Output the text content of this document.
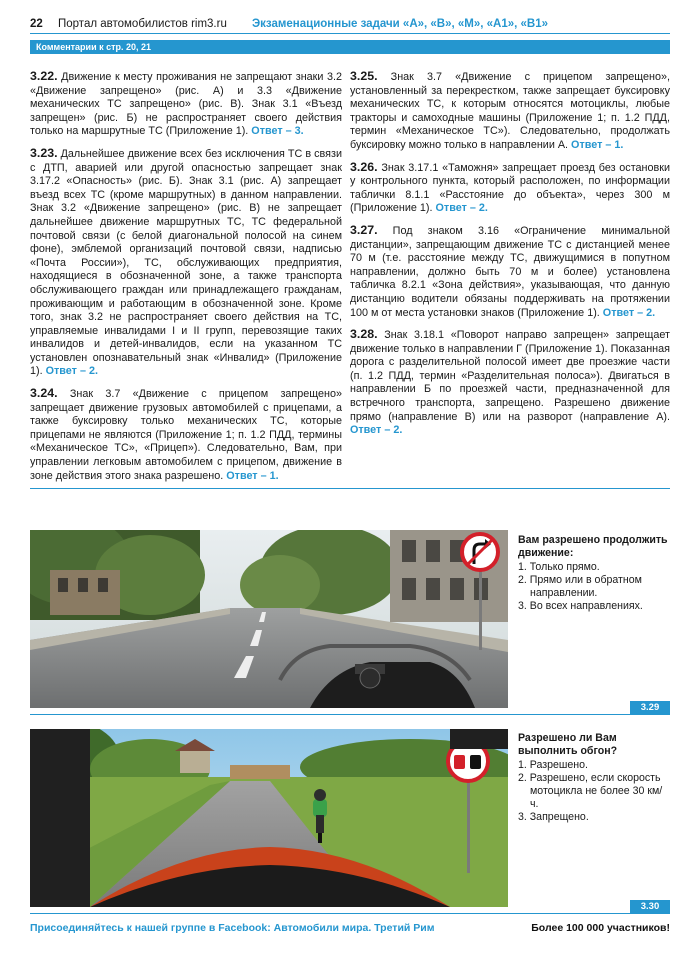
22 Портал автомобилистов rim3.ru Экзаменационные задачи «А», «В», «М», «А1», «В1»
Комментарии к стр. 20, 21

3.22. Движение к месту проживания не запрещают знаки 3.2 «Движение запрещено» (рис. А) и 3.3 «Движение механических ТС запрещено» (рис. В). Знак 3.1 «Въезд запрещен» (рис. Б) не распространяет своего действия только на маршрутные ТС (Приложение 1). Ответ – 3.

3.23. Дальнейшее движение всех без исключения ТС в связи с ДТП, аварией или другой опасностью запрещает знак 3.17.2 «Опасность» (рис. Б). Знак 3.1 (рис. А) запрещает въезд всех ТС (кроме маршрутных) в данном направлении. Знак 3.2 «Движение запрещено» (рис. В) не запрещает дальнейшее движение маршрутных ТС, ТС федеральной почтовой связи (с белой диагональной полосой на синем фоне), эмблемой организаций почтовой связи, надписью «Почта России»), ТС, обслуживающих предприятия, находящиеся в обозначенной зоне, а также транспорта обслуживающего граждан или принадлежащего гражданам, проживающим и работающим в обозначенной зоне. Кроме того, знак 3.2 не распространяет своего действия на ТС, управляемые инвалидами I и II групп, перевозящие таких инвалидов и детей-инвалидов, если на указанном ТС установлен опознавательный знак «Инвалид» (Приложение 1). Ответ – 2.

3.24. Знак 3.7 «Движение с прицепом запрещено» запрещает движение грузовых автомобилей с прицепами, а также буксировку только механических ТС, которые прицепами не являются (Приложение 1; п. 1.2 ПДД, термины «Механическое ТС», «Прицеп»). Следовательно, Вам, при управлении легковым автомобилем с прицепом, движение в зоне действия этого знака разрешено. Ответ – 1.

3.25. Знак 3.7 «Движение с прицепом запрещено», установленный за перекрестком, также запрещает буксировку механических ТС, к которым относятся мотоциклы, любые тракторы и самоходные машины (Приложение 1; п. 1.2 ПДД, термин «Механическое ТС»). Следовательно, продолжать буксировку можно только в направлении А. Ответ – 1.

3.26. Знак 3.17.1 «Таможня» запрещает проезд без остановки у контрольного пункта, который расположен, по информации таблички 8.1.1 «Расстояние до объекта», через 300 м (Приложение 1). Ответ – 2.

3.27. Под знаком 3.16 «Ограничение минимальной дистанции», запрещающим движение ТС с дистанцией менее 70 м (т.е. расстояние между ТС, движущимися в попутном направлении, должно быть 70 м и более) установлена табличка 8.2.1 «Зона действия», указывающая, что данную дистанцию водители обязаны поддерживать на протяжении 100 м от места установки знаков (Приложение 1). Ответ – 2.

3.28. Знак 3.18.1 «Поворот направо запрещен» запрещает движение только в направлении Г (Приложение 1). Показанная дорога с разделительной полосой имеет две проезжие части (п. 1.2 ПДД, термин «Разделительная полоса»). Двигаться в направлении Б по проезжей части, предназначенной для встречного транспорта, запрещено. Разрешено движение прямо (направление В) или на разворот (направление А). Ответ – 2.

Вам разрешено продолжить движение:
1. Только прямо.
2. Прямо или в обратном направлении.
3. Во всех направлениях.
3.29
Разрешено ли Вам выполнить обгон?
1. Разрешено.
2. Разрешено, если скорость мотоцикла не более 30 км/ч.
3. Запрещено.
3.30
Присоединяйтесь к нашей группе в Facebook: Автомобили мира. Третий Рим	Более 100 000 участников!
